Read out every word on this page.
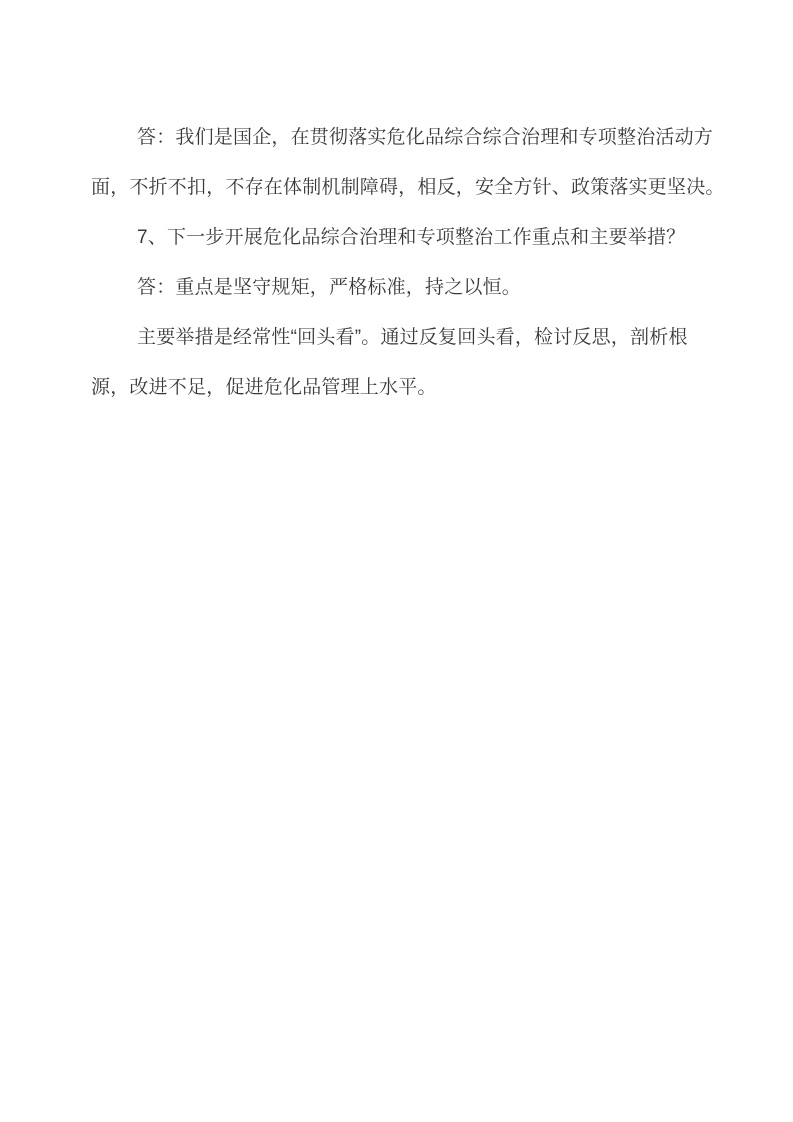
答：我们是国企，在贯彻落实危化品综合综合治理和专项整治活动方
面，不折不扣，不存在体制机制障碍，相反，安全方针、政策落实更坚决。
7、下一步开展危化品综合治理和专项整治工作重点和主要举措？
答：重点是坚守规矩，严格标准，持之以恒。
主要举措是经常性“回头看”。通过反复回头看，检讨反思，剖析根
源，改进不足，促进危化品管理上水平。
